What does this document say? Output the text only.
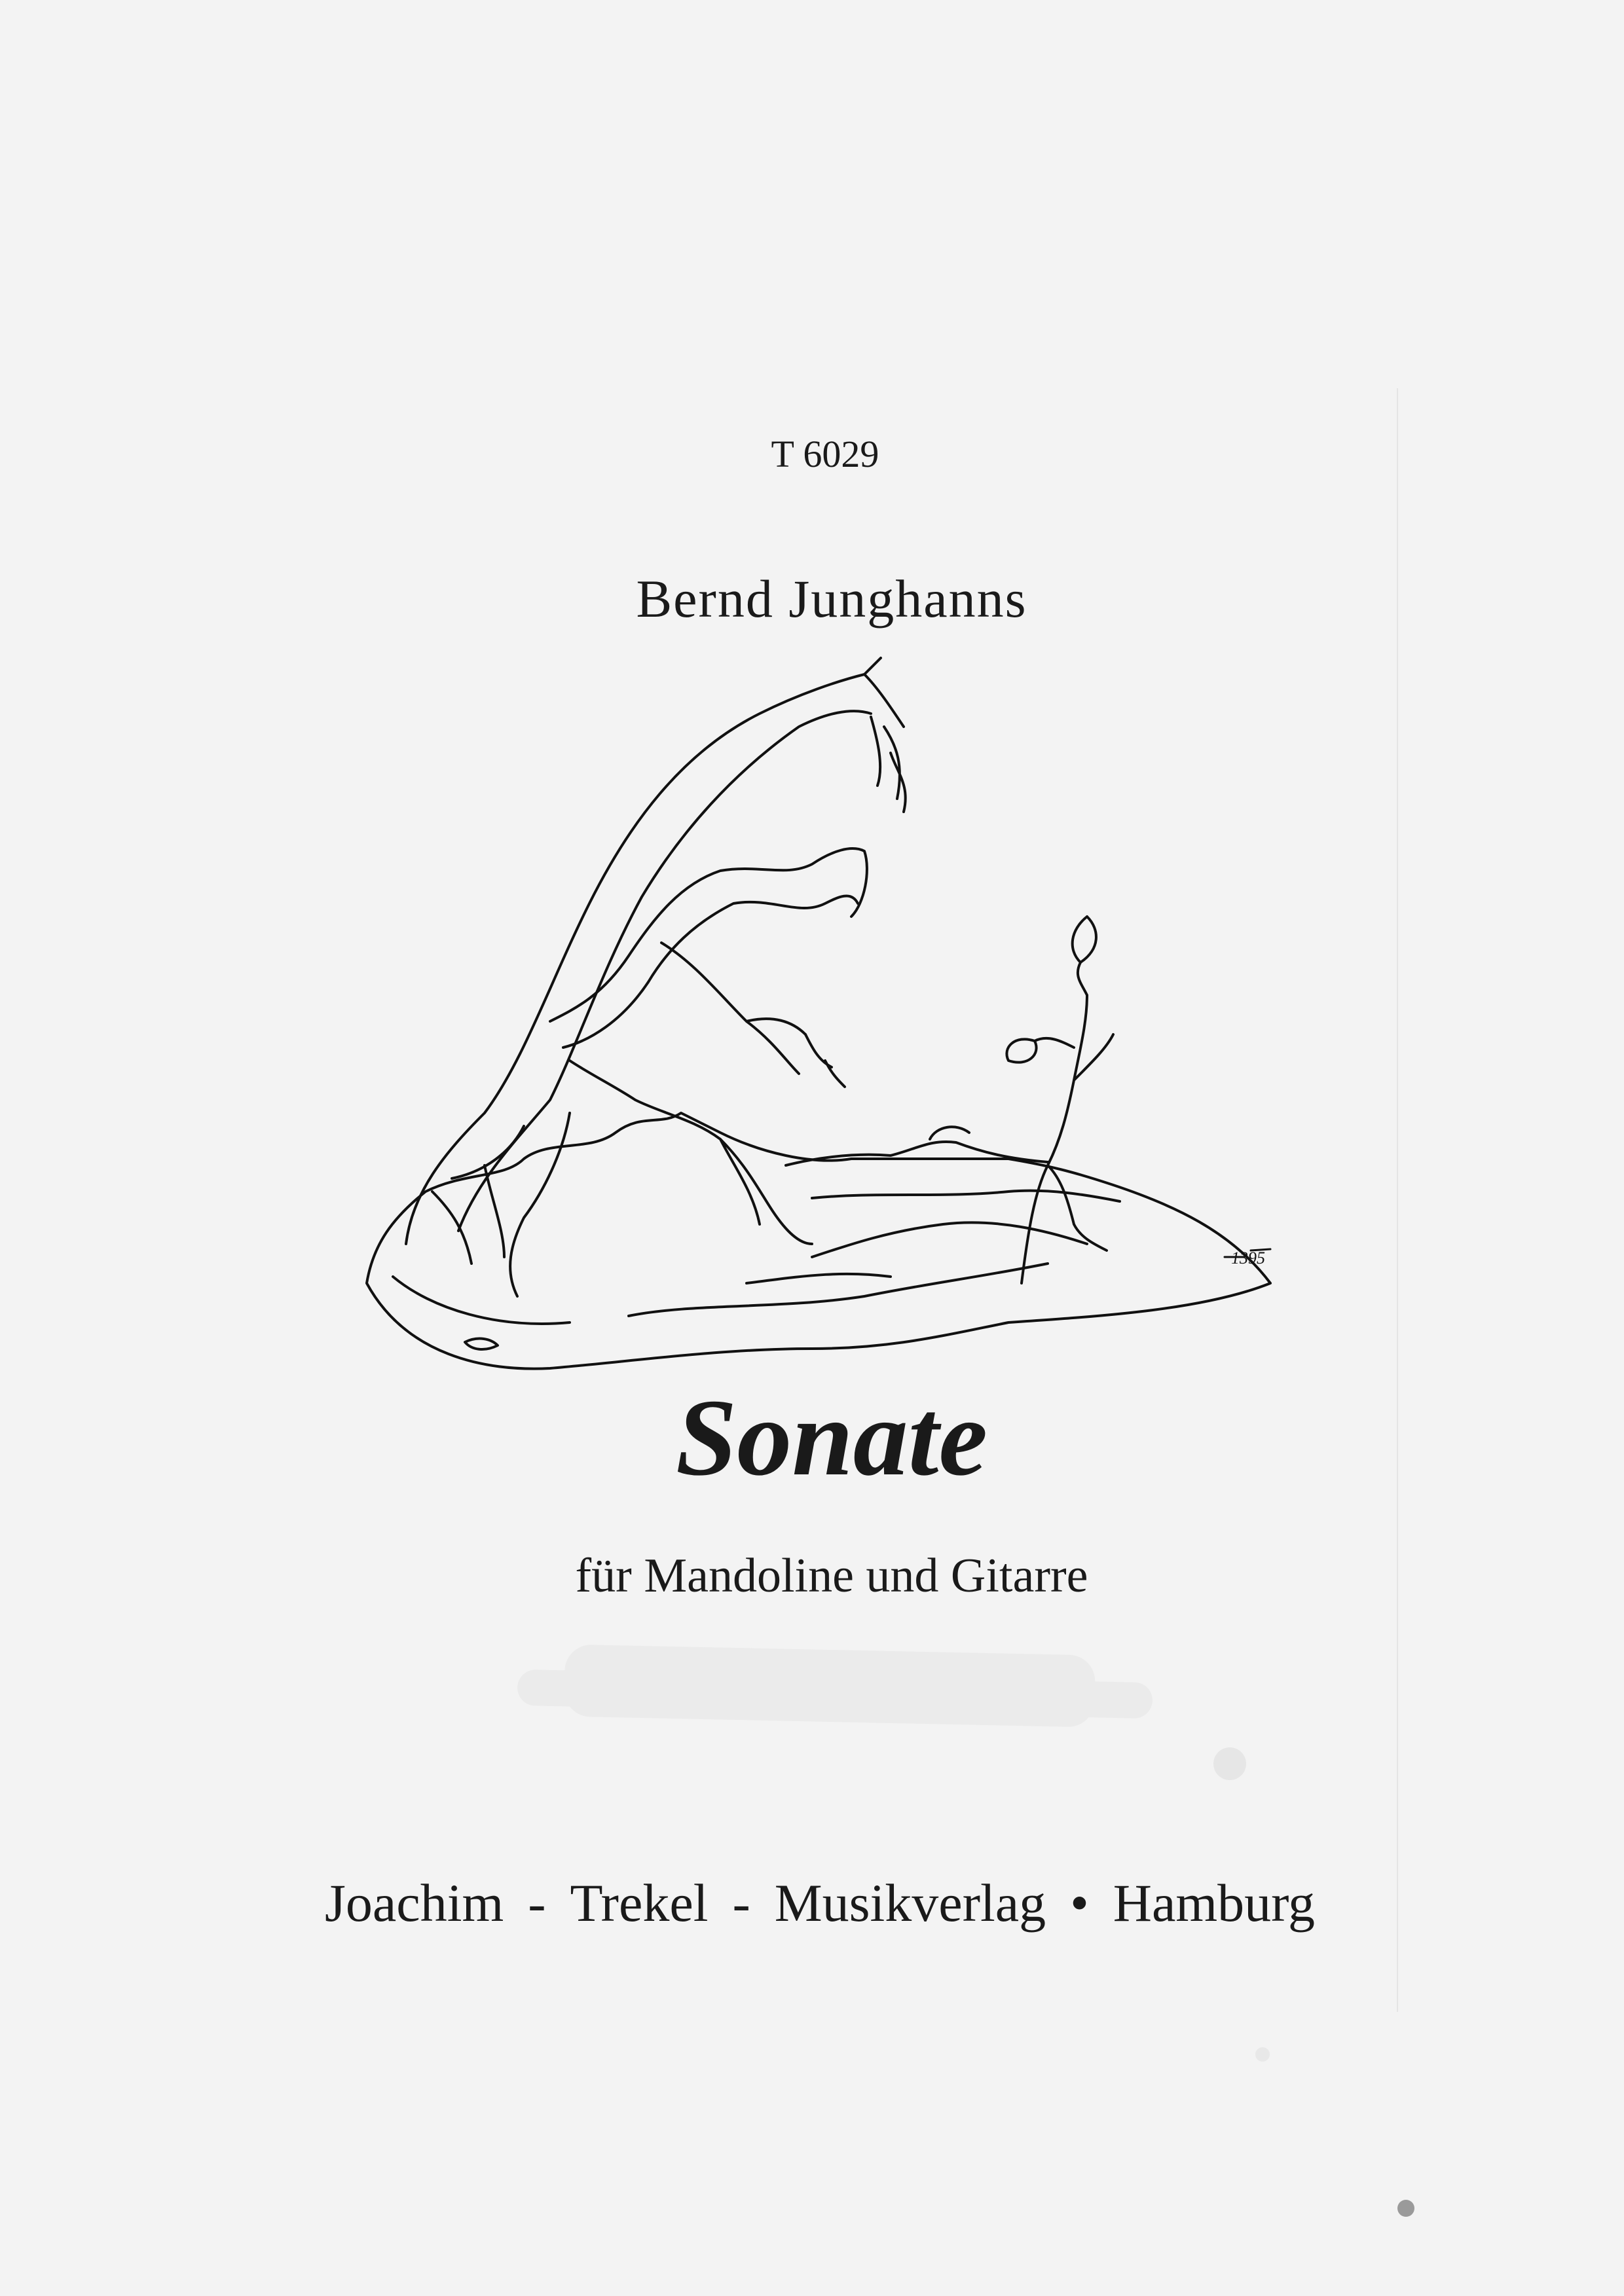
T 6029
Bernd Junghanns
1395
Sonate
für Mandoline und Gitarre
Joachim - Trekel - Musikverlag • Hamburg
